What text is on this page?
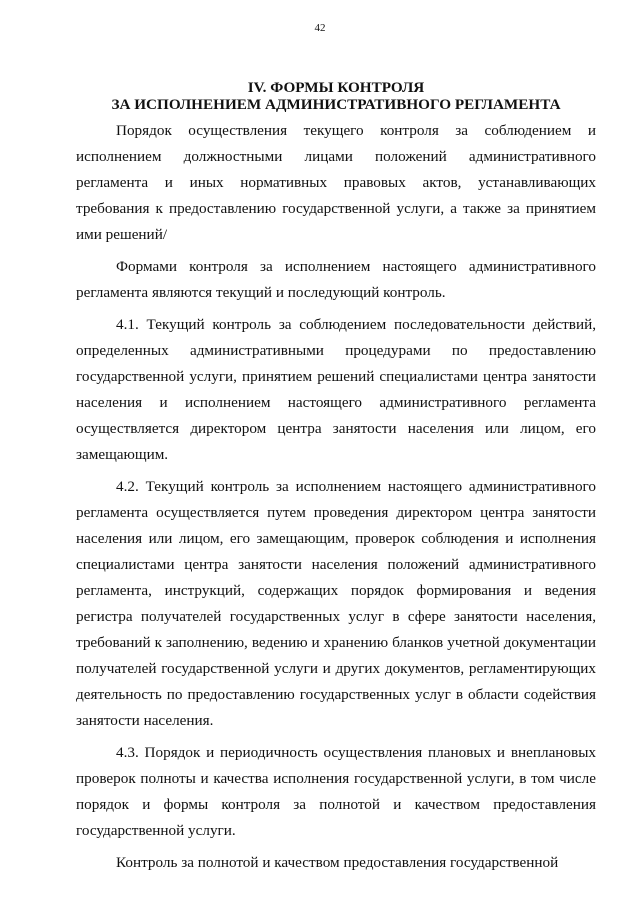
42
IV. ФОРМЫ КОНТРОЛЯ
ЗА ИСПОЛНЕНИЕМ АДМИНИСТРАТИВНОГО РЕГЛАМЕНТА

Порядок осуществления текущего контроля за соблюдением и исполнением должностными лицами положений административного регламента и иных нормативных правовых актов, устанавливающих требования к предоставлению государственной услуги, а также за принятием ими решений/

Формами контроля за исполнением настоящего административного регламента являются текущий и последующий контроль.

4.1. Текущий контроль за соблюдением последовательности действий, определенных административными процедурами по предоставлению государственной услуги, принятием решений специалистами центра занятости населения и исполнением настоящего административного регламента осуществляется директором центра занятости населения или лицом, его замещающим.

4.2. Текущий контроль за исполнением настоящего административного регламента осуществляется путем проведения директором центра занятости населения или лицом, его замещающим, проверок соблюдения и исполнения специалистами центра занятости населения положений административного регламента, инструкций, содержащих порядок формирования и ведения регистра получателей государственных услуг в сфере занятости населения, требований к заполнению, ведению и хранению бланков учетной документации получателей государственной услуги и других документов, регламентирующих деятельность по предоставлению государственных услуг в области содействия занятости населения.

4.3. Порядок и периодичность осуществления плановых и внеплановых проверок полноты и качества исполнения государственной услуги, в том числе порядок и формы контроля за полнотой и качеством предоставления государственной услуги.

Контроль за полнотой и качеством предоставления государственной
